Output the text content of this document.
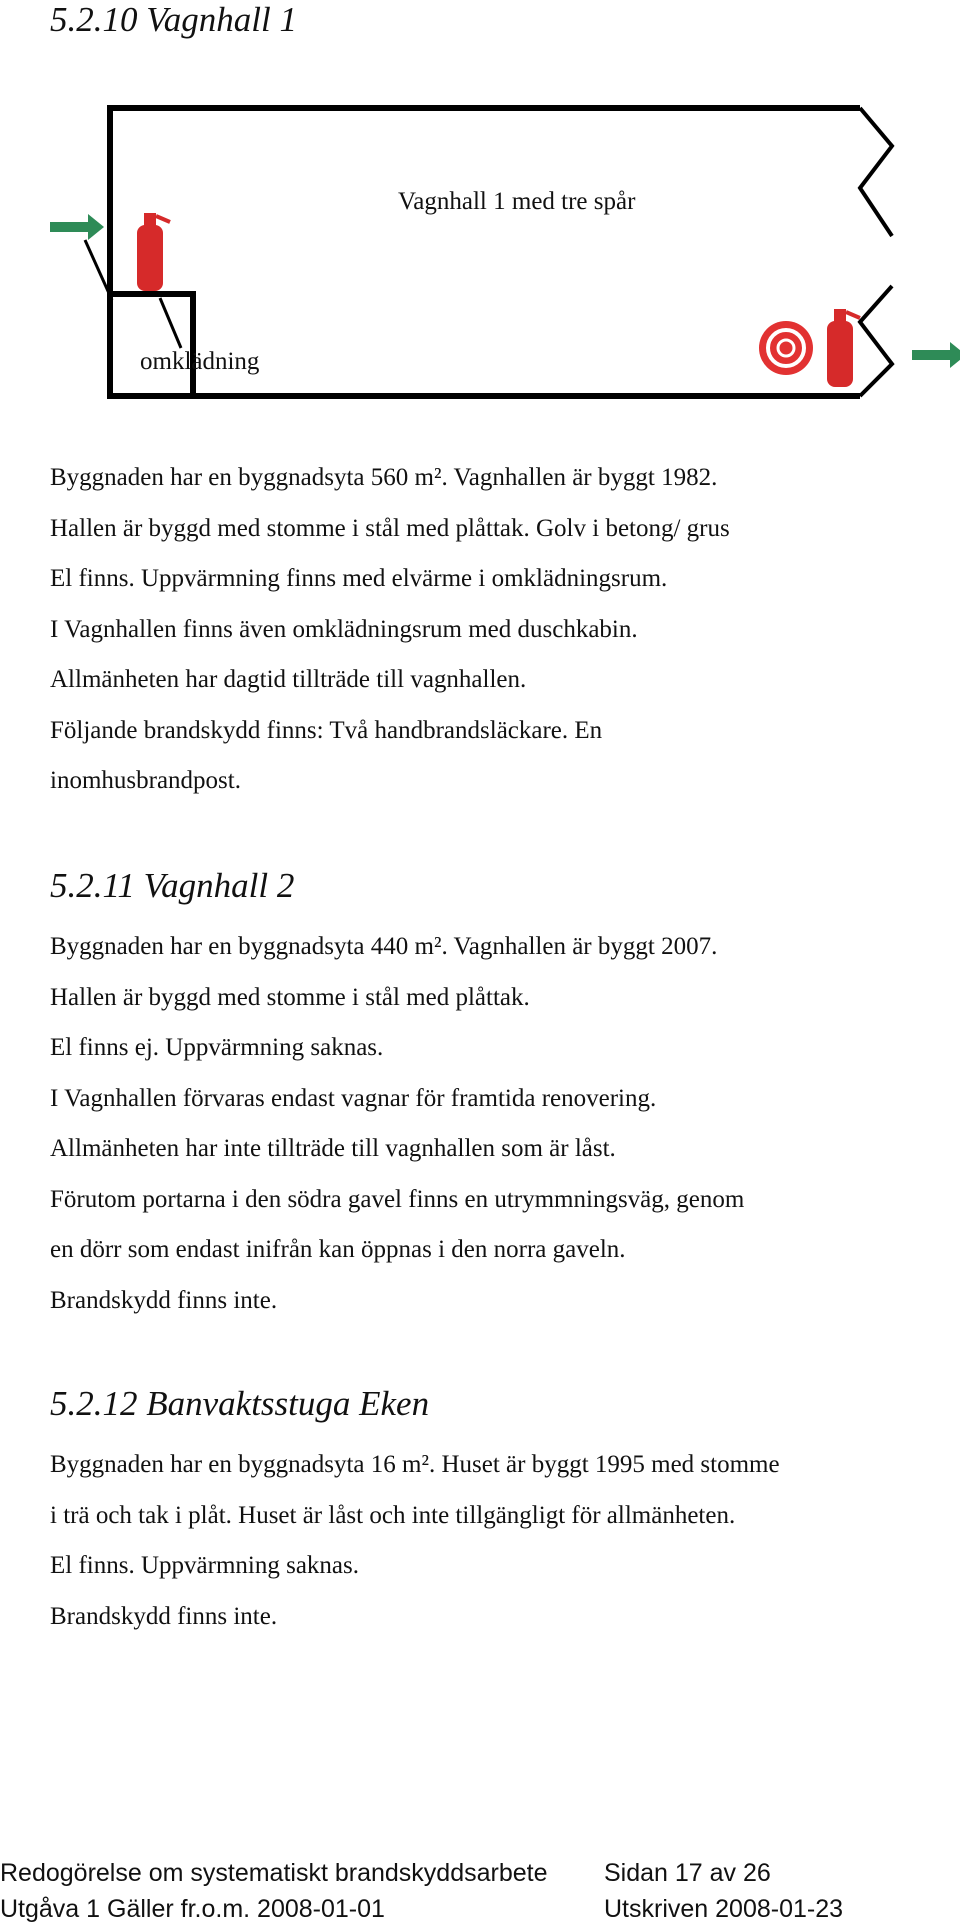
5.2.10 Vagnhall 1
Vagnhall 1 med tre spår
omklädning
Byggnaden har en byggnadsyta 560 m². Vagnhallen är byggt 1982.
Hallen är byggd med stomme i stål med plåttak. Golv i betong/ grus
El finns. Uppvärmning finns med elvärme i omklädningsrum.
I Vagnhallen finns även omklädningsrum med duschkabin.
Allmänheten har dagtid tillträde till vagnhallen.
Följande brandskydd finns: Två handbrandsläckare. En
inomhusbrandpost.
5.2.11 Vagnhall 2
Byggnaden har en byggnadsyta 440 m². Vagnhallen är byggt 2007.
Hallen är byggd med stomme i stål med plåttak.
El finns ej. Uppvärmning saknas.
I Vagnhallen förvaras endast vagnar för framtida renovering.
Allmänheten har inte tillträde till vagnhallen som är låst.
Förutom portarna i den södra gavel finns en utrymmningsväg, genom
en dörr som endast inifrån kan öppnas i den norra gaveln.
Brandskydd finns inte.
5.2.12 Banvaktsstuga Eken
Byggnaden har en byggnadsyta 16 m². Huset är byggt 1995 med stomme
i trä och tak i plåt. Huset är låst och inte tillgängligt för allmänheten.
El finns. Uppvärmning saknas.
Brandskydd finns inte.
Redogörelse om systematiskt brandskyddsarbete Sidan 17 av 26
Utgåva 1 Gäller fr.o.m. 2008-01-01	Utskriven 2008-01-23
